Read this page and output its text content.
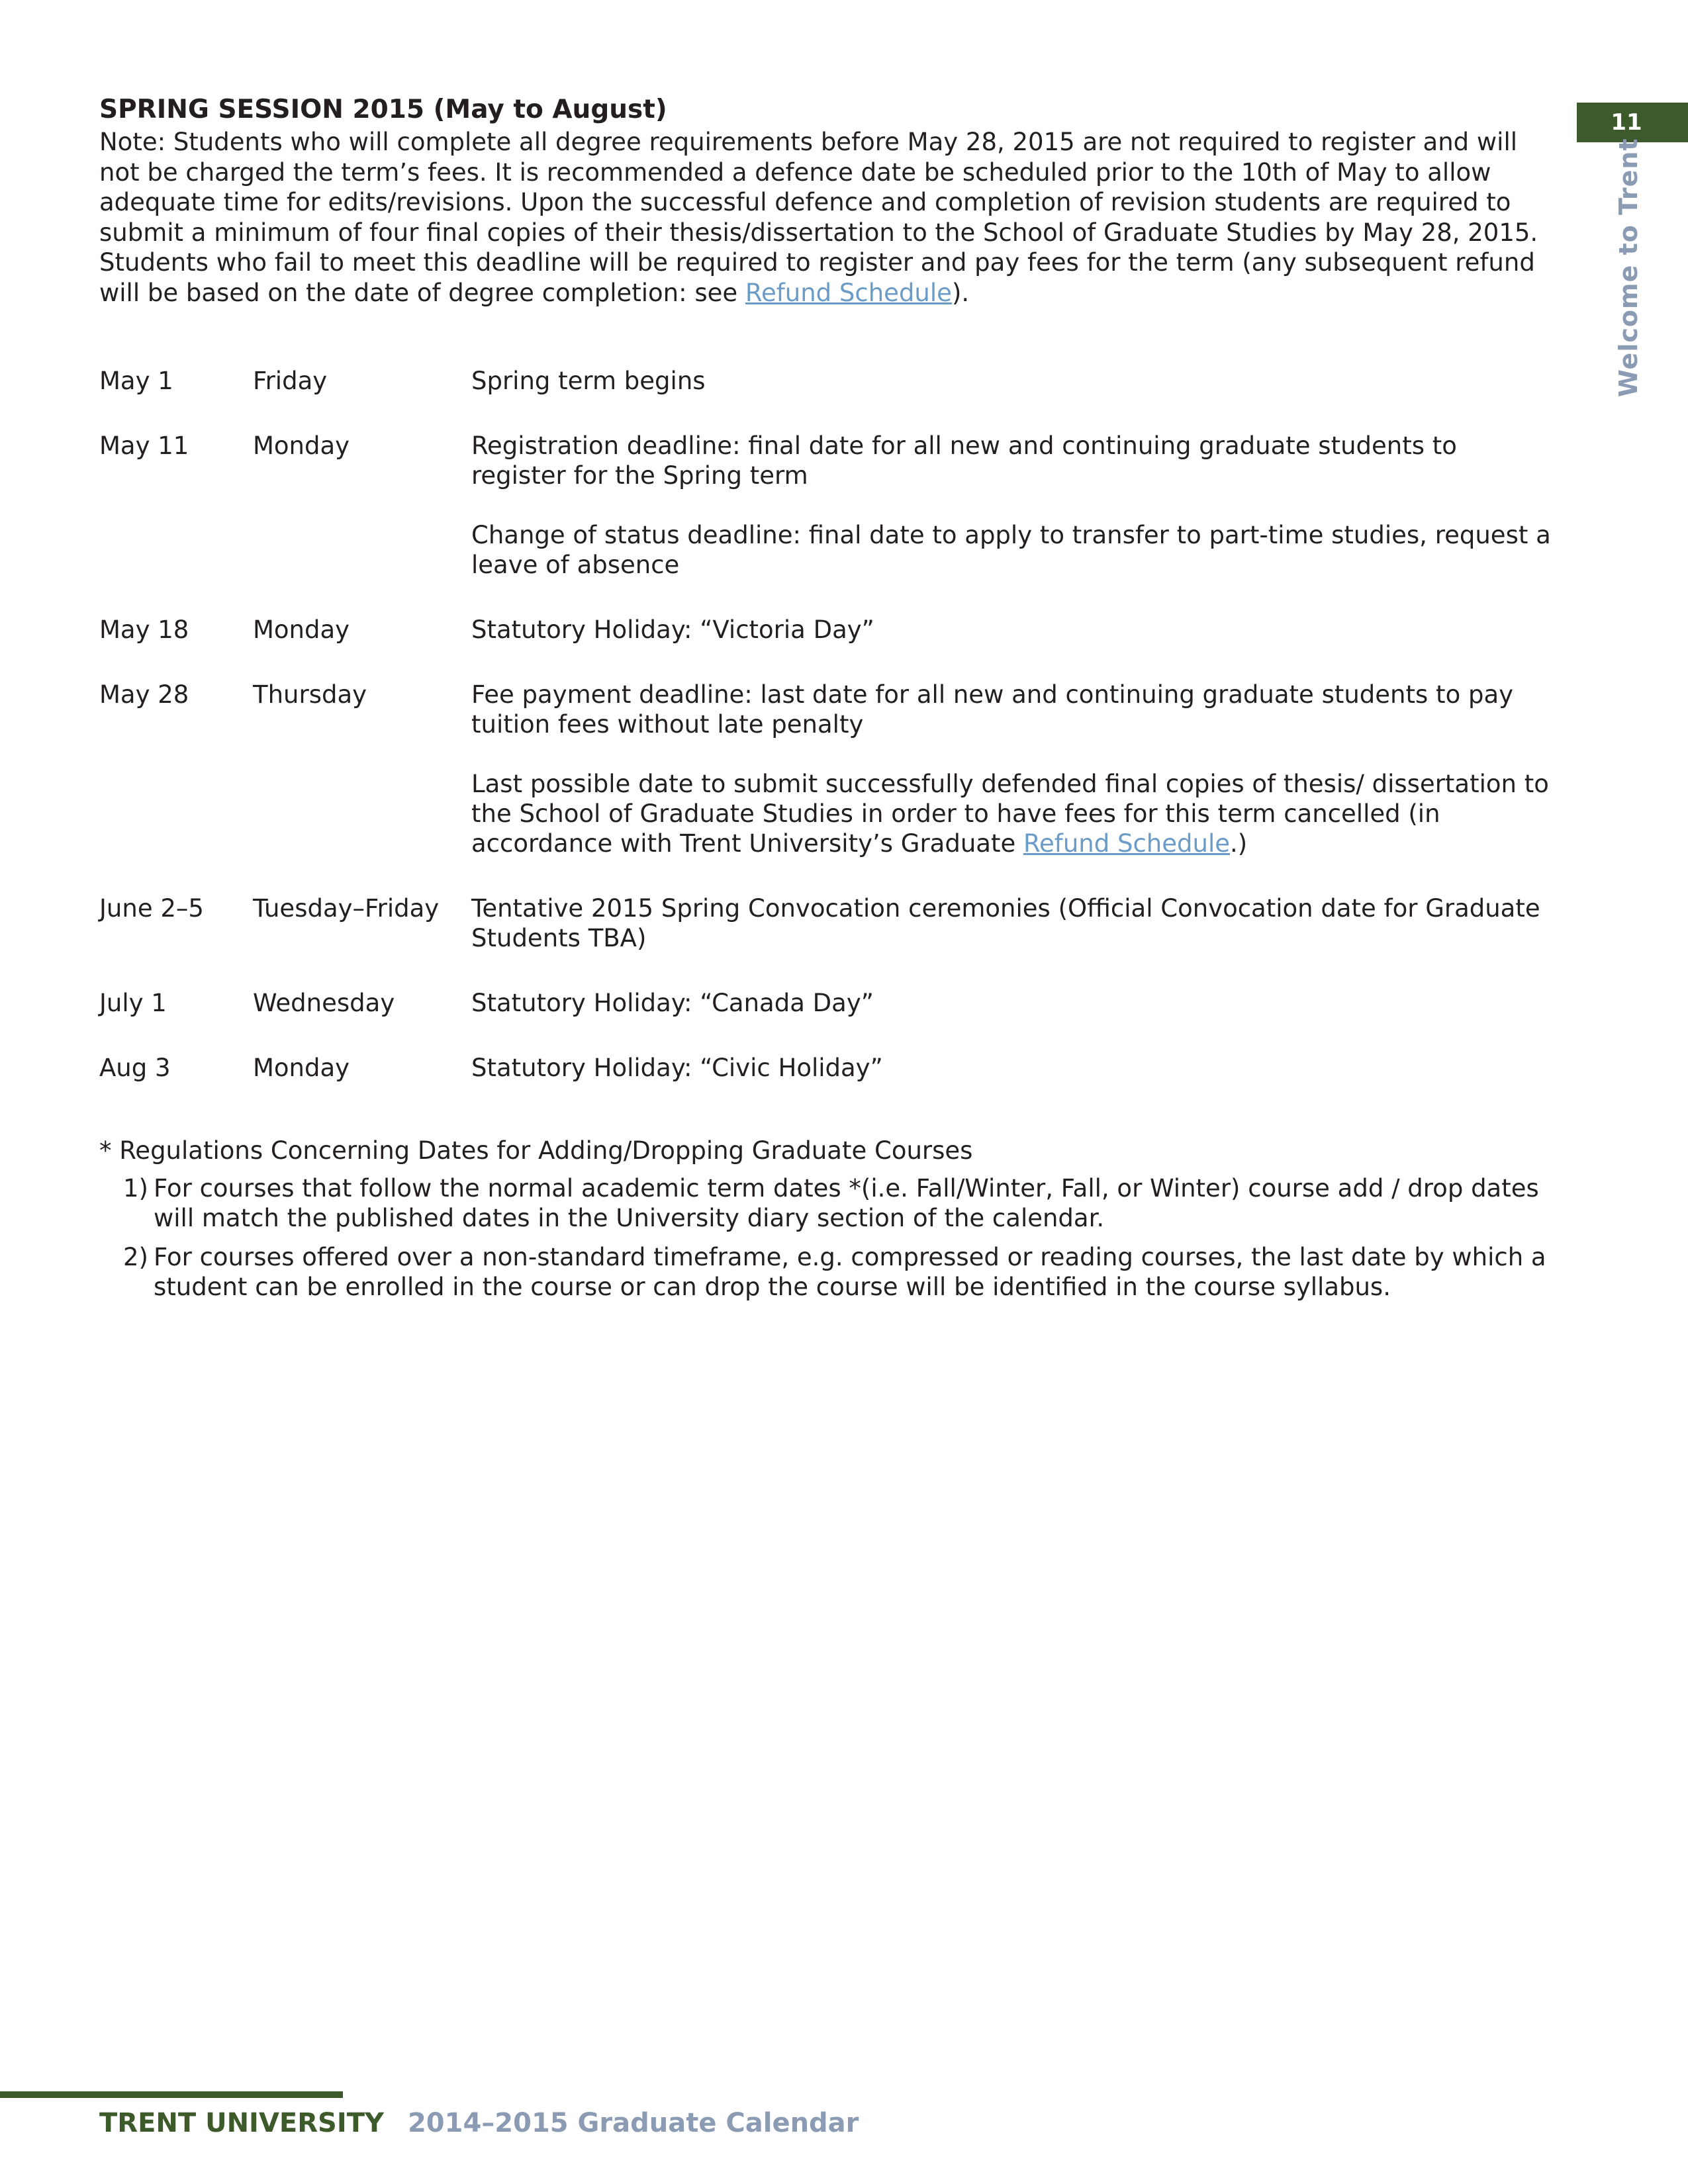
11
Welcome to Trent
SPRING SESSION 2015 (May to August)

Note: Students who will complete all degree requirements before May 28, 2015 are not required to register and will not be charged the term’s fees. It is recommended a defence date be scheduled prior to the 10th of May to allow adequate time for edits/revisions. Upon the successful defence and completion of revision students are required to submit a minimum of four final copies of their thesis/dissertation to the School of Graduate Studies by May 28, 2015. Students who fail to meet this deadline will be required to register and pay fees for the term (any subsequent refund will be based on the date of degree completion: see Refund Schedule).

May 1	Friday	Spring term begins

May 11	Monday	Registration deadline: final date for all new and continuing graduate students to register for the Spring term

Change of status deadline: final date to apply to transfer to part-time studies, request a leave of absence

May 18	Monday	Statutory Holiday: “Victoria Day”

May 28	Thursday	Fee payment deadline: last date for all new and continuing graduate students to pay tuition fees without late penalty

Last possible date to submit successfully defended final copies of thesis/ dissertation to the School of Graduate Studies in order to have fees for this term cancelled (in accordance with Trent University’s Graduate Refund Schedule.)

June 2–5	Tuesday–Friday	Tentative 2015 Spring Convocation ceremonies (Official Convocation date for Graduate Students TBA)

July 1	Wednesday	Statutory Holiday: “Canada Day”

Aug 3	Monday	Statutory Holiday: “Civic Holiday”

* Regulations Concerning Dates for Adding/Dropping Graduate Courses

1) For courses that follow the normal academic term dates *(i.e. Fall/Winter, Fall, or Winter) course add / drop dates will match the published dates in the University diary section of the calendar.
2) For courses offered over a non-standard timeframe, e.g. compressed or reading courses, the last date by which a student can be enrolled in the course or can drop the course will be identified in the course syllabus.
TRENT UNIVERSITY 2014–2015 Graduate Calendar
